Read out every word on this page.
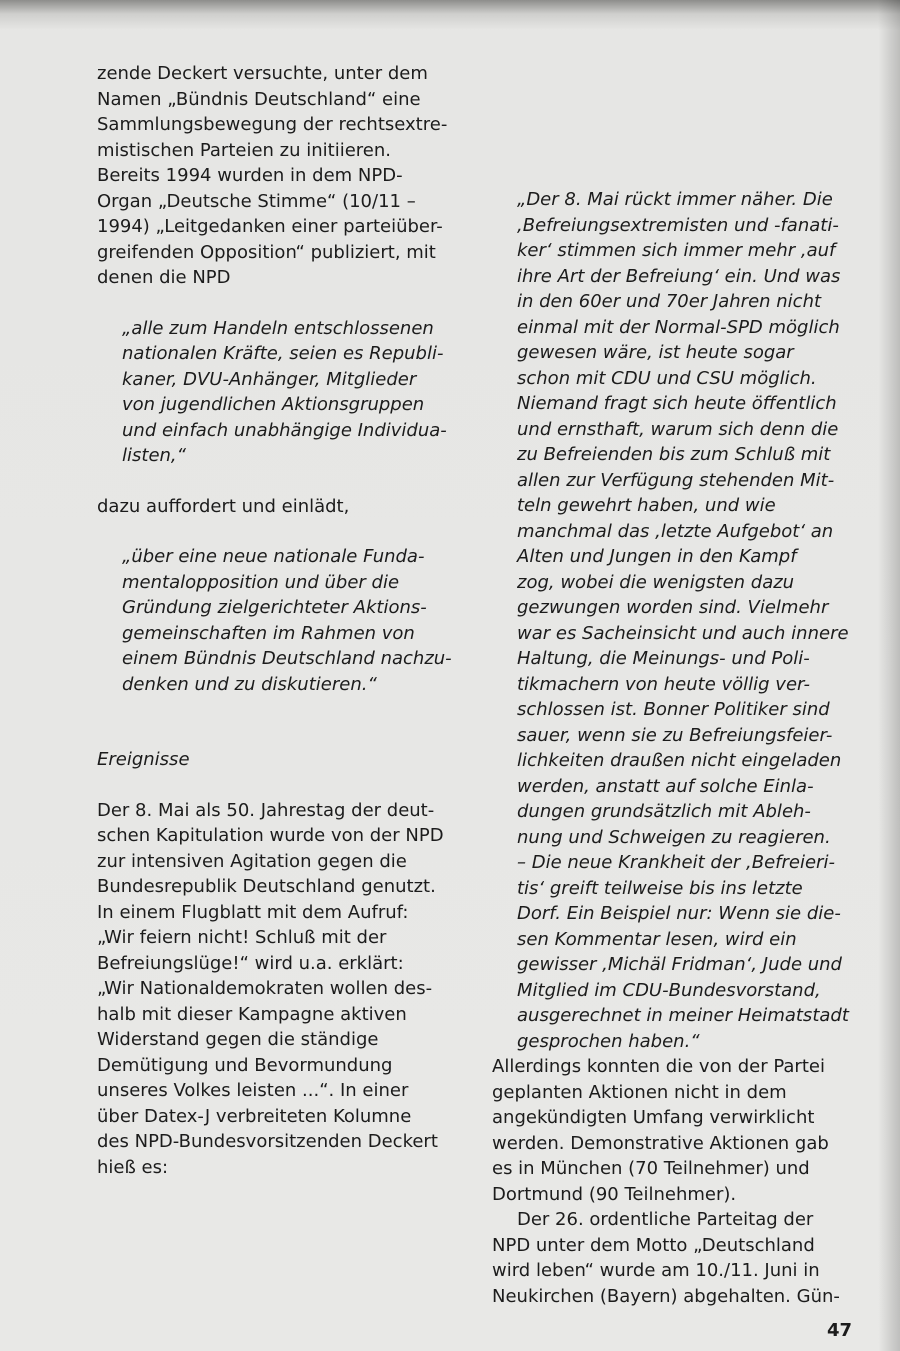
zende Deckert versuchte, unter dem

Namen „Bündnis Deutschland“ eine

Sammlungsbewegung der rechtsextre-

mistischen Parteien zu initiieren.

Bereits 1994 wurden in dem NPD-

Organ „Deutsche Stimme“ (10/11 –

1994) „Leitgedanken einer parteiüber-

greifenden Opposition“ publiziert, mit

denen die NPD

„alle zum Handeln entschlossenen

nationalen Kräfte, seien es Republi-

kaner, DVU-Anhänger, Mitglieder

von jugendlichen Aktionsgruppen

und einfach unabhängige Individua-

listen,“

dazu auffordert und einlädt,

„über eine neue nationale Funda-

mentalopposition und über die

Gründung zielgerichteter Aktions-

gemeinschaften im Rahmen von

einem Bündnis Deutschland nachzu-

denken und zu diskutieren.“

Ereignisse

Der 8. Mai als 50. Jahrestag der deut-

schen Kapitulation wurde von der NPD

zur intensiven Agitation gegen die

Bundesrepublik Deutschland genutzt.

In einem Flugblatt mit dem Aufruf:

„Wir feiern nicht! Schluß mit der

Befreiungslüge!“ wird u.a. erklärt:

„Wir Nationaldemokraten wollen des-

halb mit dieser Kampagne aktiven

Widerstand gegen die ständige

Demütigung und Bevormundung

unseres Volkes leisten ...“. In einer

über Datex-J verbreiteten Kolumne

des NPD-Bundesvorsitzenden Deckert

hieß es:

„Der 8. Mai rückt immer näher. Die

‚Befreiungsextremisten und -fanati-

ker‘ stimmen sich immer mehr ‚auf

ihre Art der Befreiung‘ ein. Und was

in den 60er und 70er Jahren nicht

einmal mit der Normal-SPD möglich

gewesen wäre, ist heute sogar

schon mit CDU und CSU möglich.

Niemand fragt sich heute öffentlich

und ernsthaft, warum sich denn die

zu Befreienden bis zum Schluß mit

allen zur Verfügung stehenden Mit-

teln gewehrt haben, und wie

manchmal das ‚letzte Aufgebot‘ an

Alten und Jungen in den Kampf

zog, wobei die wenigsten dazu

gezwungen worden sind. Vielmehr

war es Sacheinsicht und auch innere

Haltung, die Meinungs- und Poli-

tikmachern von heute völlig ver-

schlossen ist. Bonner Politiker sind

sauer, wenn sie zu Befreiungsfeier-

lichkeiten draußen nicht eingeladen

werden, anstatt auf solche Einla-

dungen grundsätzlich mit Ableh-

nung und Schweigen zu reagieren.

– Die neue Krankheit der ‚Befreieri-

tis‘ greift teilweise bis ins letzte

Dorf. Ein Beispiel nur: Wenn sie die-

sen Kommentar lesen, wird ein

gewisser ‚Michäl Fridman‘, Jude und

Mitglied im CDU-Bundesvorstand,

ausgerechnet in meiner Heimatstadt

gesprochen haben.“

Allerdings konnten die von der Partei

geplanten Aktionen nicht in dem

angekündigten Umfang verwirklicht

werden. Demonstrative Aktionen gab

es in München (70 Teilnehmer) und

Dortmund (90 Teilnehmer).

Der 26. ordentliche Parteitag der

NPD unter dem Motto „Deutschland

wird leben“ wurde am 10./11. Juni in

Neukirchen (Bayern) abgehalten. Gün-

47
